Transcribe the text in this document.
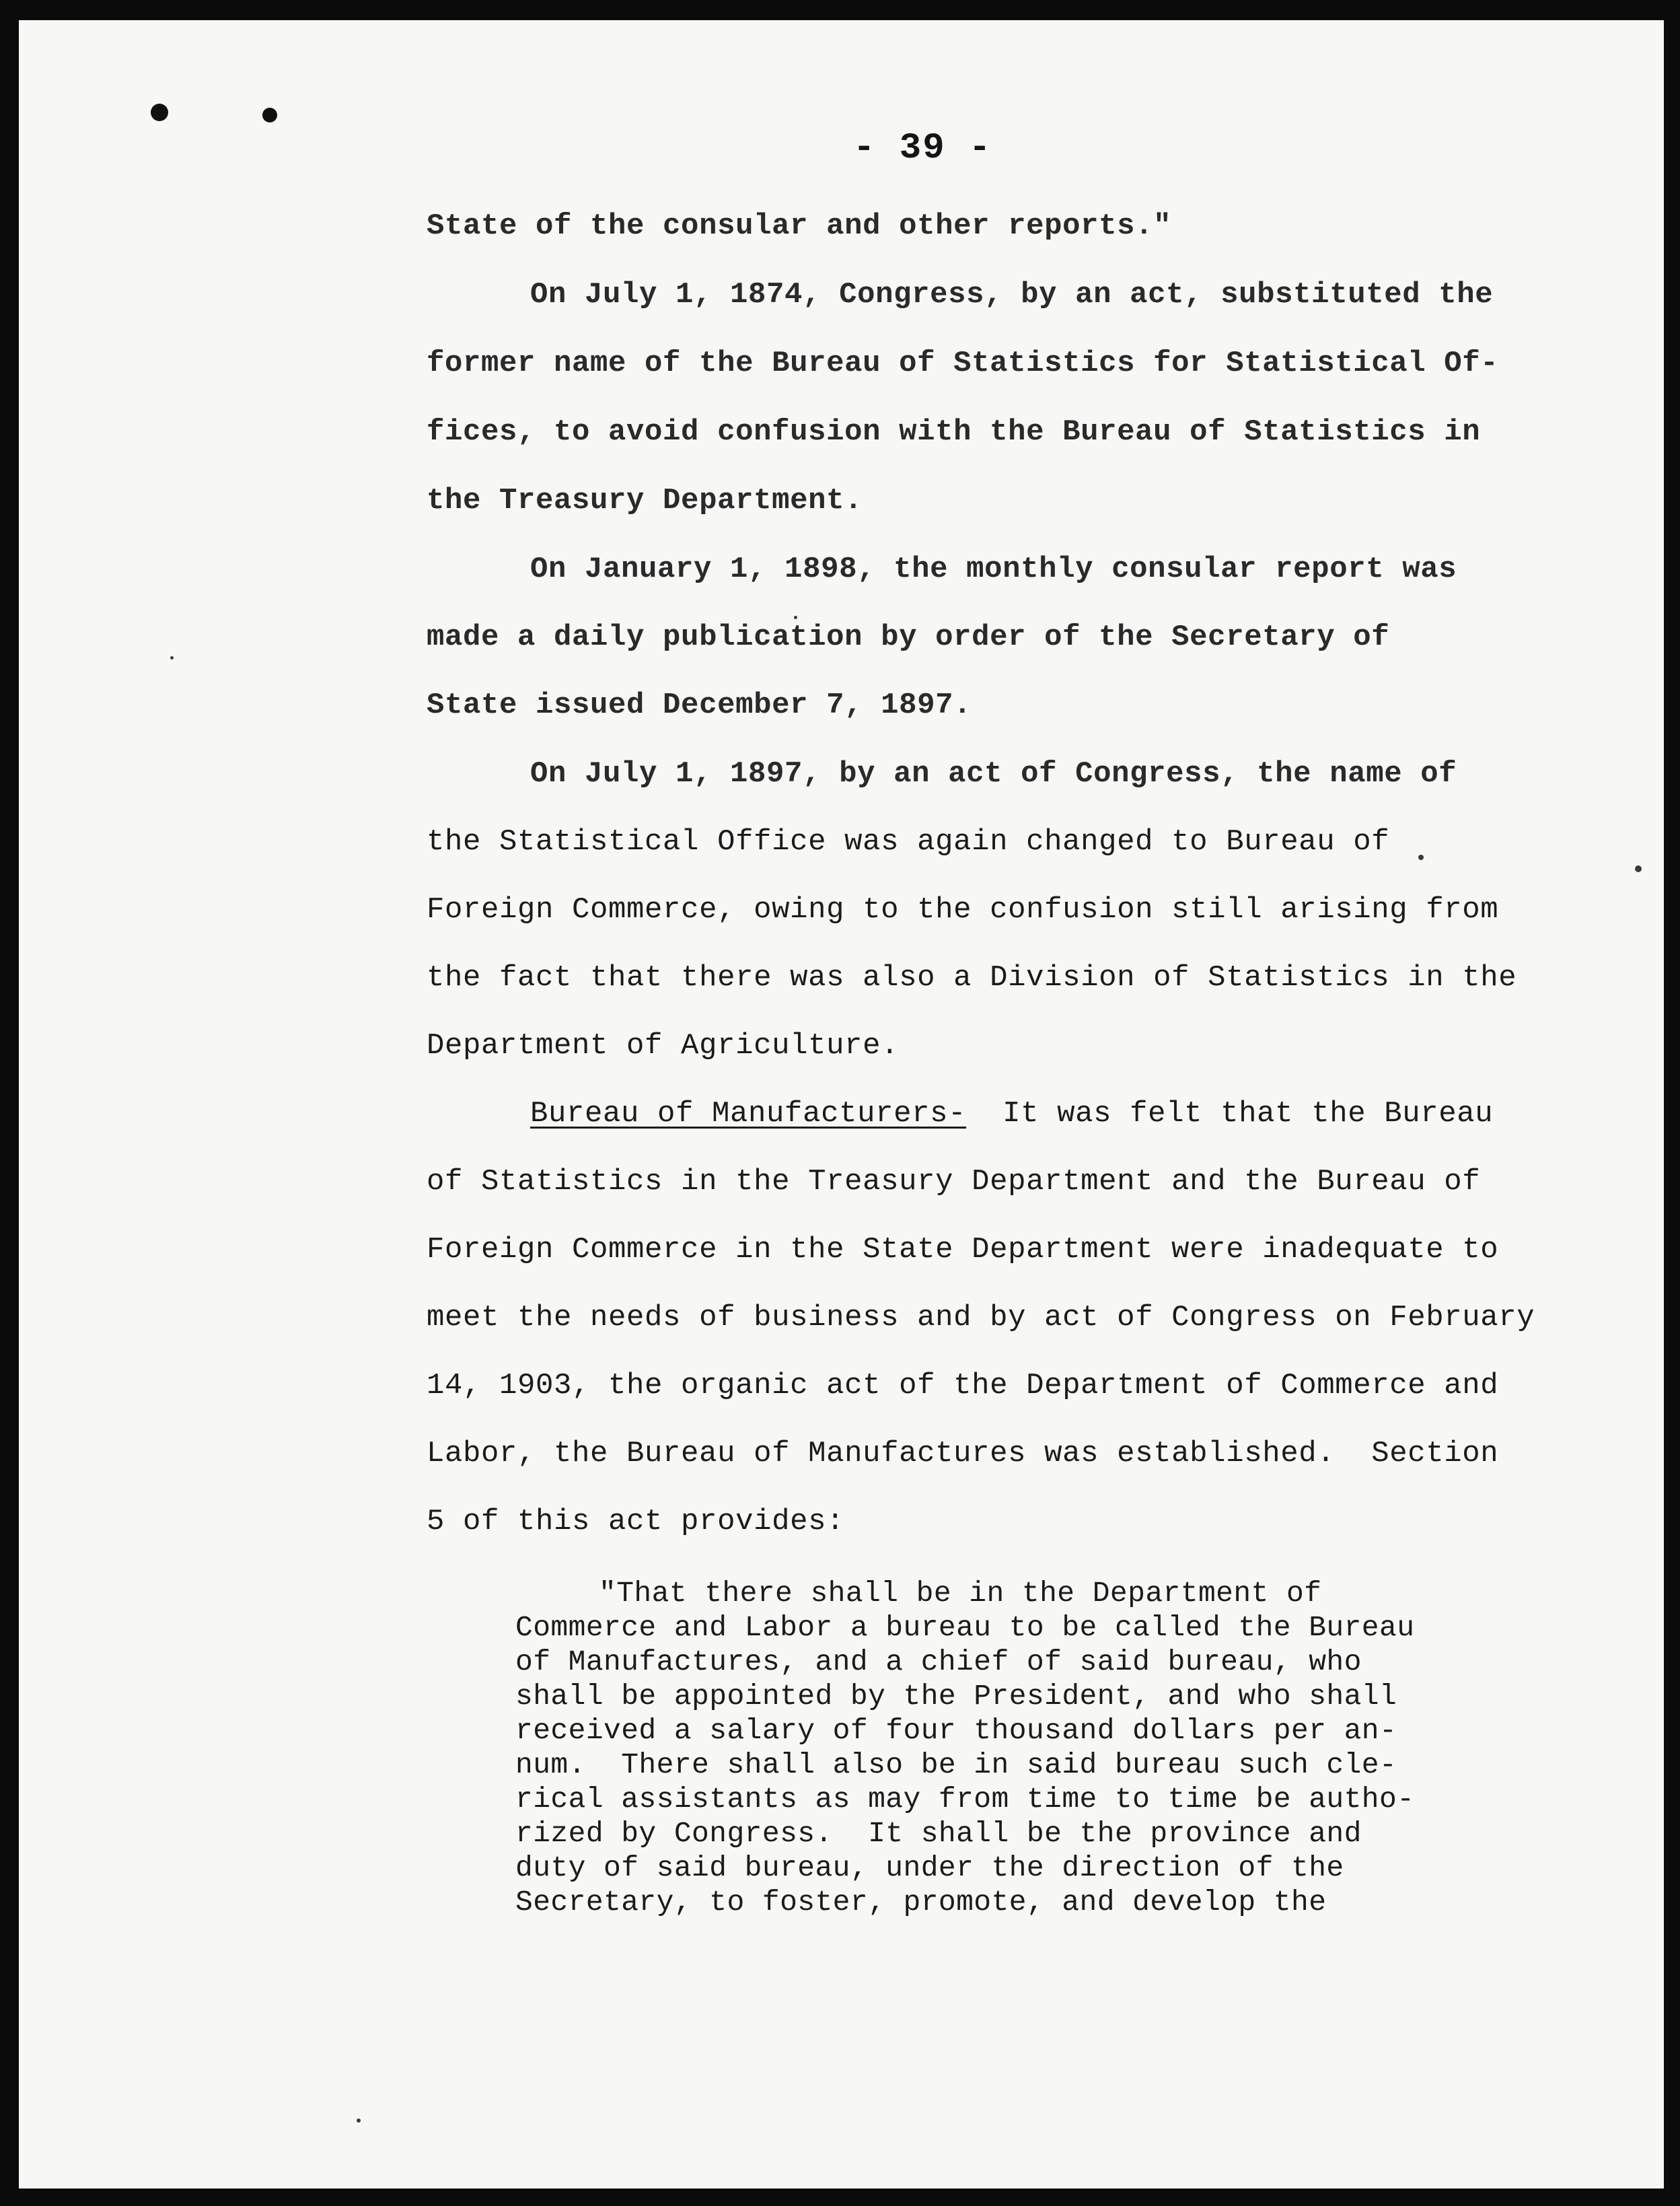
- 39 -
State of the consular and other reports."
On July 1, 1874, Congress, by an act, substituted the
former name of the Bureau of Statistics for Statistical Of-
fices, to avoid confusion with the Bureau of Statistics in
the Treasury Department.
On January 1, 1898, the monthly consular report was
made a daily publication by order of the Secretary of
State issued December 7, 1897.
On July 1, 1897, by an act of Congress, the name of
the Statistical Office was again changed to Bureau of
Foreign Commerce, owing to the confusion still arising from
the fact that there was also a Division of Statistics in the
Department of Agriculture.
Bureau of Manufacturers-  It was felt that the Bureau
of Statistics in the Treasury Department and the Bureau of
Foreign Commerce in the State Department were inadequate to
meet the needs of business and by act of Congress on February
14, 1903, the organic act of the Department of Commerce and
Labor, the Bureau of Manufactures was established.  Section
5 of this act provides:
"That there shall be in the Department of
Commerce and Labor a bureau to be called the Bureau
of Manufactures, and a chief of said bureau, who
shall be appointed by the President, and who shall
received a salary of four thousand dollars per an-
num.  There shall also be in said bureau such cle-
rical assistants as may from time to time be autho-
rized by Congress.  It shall be the province and
duty of said bureau, under the direction of the
Secretary, to foster, promote, and develop the
